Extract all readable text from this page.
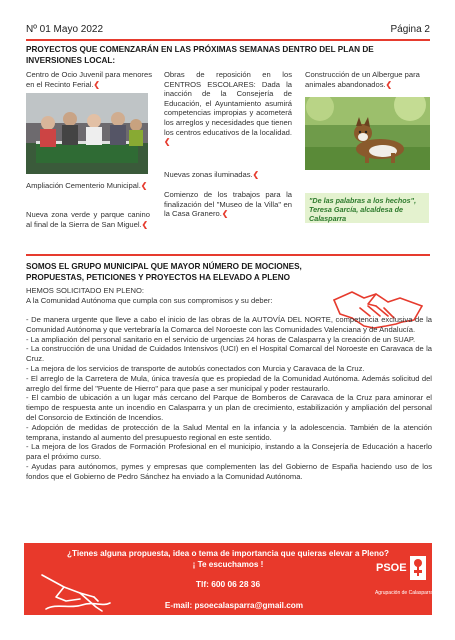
Nº 01 Mayo 2022	Página 2
PROYECTOS QUE COMENZARÁN EN LAS PRÓXIMAS SEMANAS DENTRO DEL PLAN DE
INVERSIONES LOCAL:
Centro de Ocio Juvenil para menores en el Recinto Ferial.❮
Ampliación Cementerio Municipal.❮
Nueva zona verde y parque canino al final de la Sierra de San Miguel.❮
Obras de reposición en los CENTROS ESCOLARES: Dada la inacción de la Consejería de Educación, el Ayuntamiento asumirá competencias impropias y acometerá los arreglos y necesidades que tienen los centros educativos de la localidad.❮
Nuevas zonas iluminadas.❮
Comienzo de los trabajos para la finalización del "Museo de la Villa" en la Casa Granero.❮
Construcción de un Albergue para animales abandonados.❮
"De las palabras a los hechos", Teresa García, alcaldesa de Calasparra
SOMOS EL GRUPO MUNICIPAL QUE MAYOR NÚMERO DE MOCIONES,
PROPUESTAS, PETICIONES Y PROYECTOS HA ELEVADO A PLENO
HEMOS SOLICITADO EN PLENO:
A la Comunidad Autónoma que cumpla con sus compromisos y su deber:
- De manera urgente que lleve a cabo el inicio de las obras de la AUTOVÍA DEL NORTE, competencia exclusiva de la Comunidad Autónoma y que vertebraría la Comarca del Noroeste con las Comunidades Valenciana y de Andalucía.
- La ampliación del personal sanitario en el servicio de urgencias 24 horas de Calasparra y la creación de un SUAP.
- La construcción de una Unidad de Cuidados Intensivos (UCI) en el Hospital Comarcal del Noroeste en Caravaca de la Cruz.
- La mejora de los servicios de transporte de autobús conectados con Murcia y Caravaca de la Cruz.
- El arreglo de la Carretera de Mula, única travesía que es propiedad de la Comunidad Autónoma. Además solicitud del arreglo del firme del "Puente de Hierro" para que pase a ser municipal y poder restaurarlo.
- El cambio de ubicación a un lugar más cercano del Parque de Bomberos de Caravaca de la Cruz para aminorar el tiempo de respuesta ante un incendio en Calasparra y un plan de crecimiento, estabilización y ampliación del personal del Consorcio de Extinción de Incendios.
- Adopción de medidas de protección de la Salud Mental en la infancia y la adolescencia. También de la atención temprana, instando al aumento del presupuesto regional en este sentido.
- La mejora de los Grados de Formación Profesional en el municipio, instando a la Consejería de Educación a hacerlo para el próximo curso.
- Ayudas para autónomos, pymes y empresas que complementen las del Gobierno de España haciendo uso de los fondos que el Gobierno de Pedro Sánchez ha enviado a la Comunidad Autónoma.
¿Tienes alguna propuesta, idea o tema de importancia que quieras elevar a Pleno?
¡ Te escuchamos !
Tlf: 600 06 28 36
E-mail: psoecalasparra@gmail.com
PSOE
Agrupación de Calasparra
